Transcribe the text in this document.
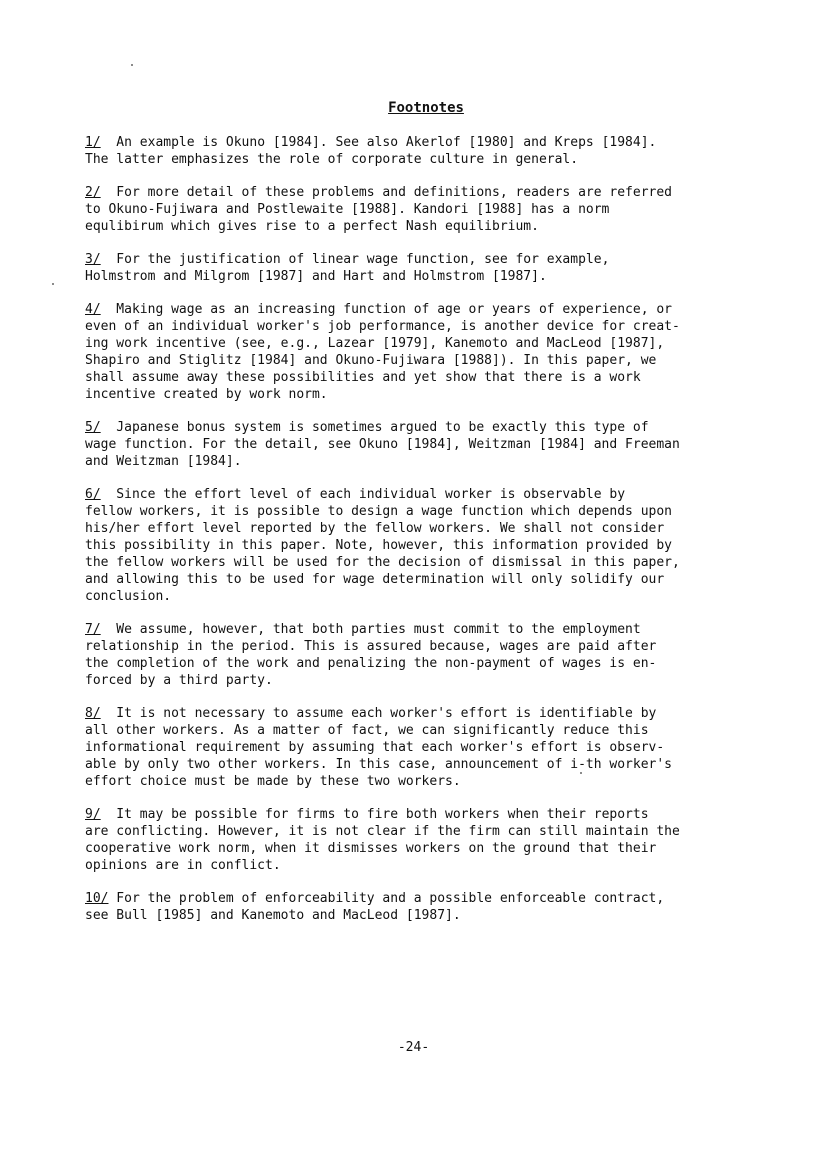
Footnotes
1/  An example is Okuno [1984]. See also Akerlof [1980] and Kreps [1984].
The latter emphasizes the role of corporate culture in general.
2/  For more detail of these problems and definitions, readers are referred
to Okuno-Fujiwara and Postlewaite [1988]. Kandori [1988] has a norm
equlibirum which gives rise to a perfect Nash equilibrium.
3/  For the justification of linear wage function, see for example,
Holmstrom and Milgrom [1987] and Hart and Holmstrom [1987].
4/  Making wage as an increasing function of age or years of experience, or
even of an individual worker's job performance, is another device for creat-
ing work incentive (see, e.g., Lazear [1979], Kanemoto and MacLeod [1987],
Shapiro and Stiglitz [1984] and Okuno-Fujiwara [1988]). In this paper, we
shall assume away these possibilities and yet show that there is a work
incentive created by work norm.
5/  Japanese bonus system is sometimes argued to be exactly this type of
wage function. For the detail, see Okuno [1984], Weitzman [1984] and Freeman
and Weitzman [1984].
6/  Since the effort level of each individual worker is observable by
fellow workers, it is possible to design a wage function which depends upon
his/her effort level reported by the fellow workers. We shall not consider
this possibility in this paper. Note, however, this information provided by
the fellow workers will be used for the decision of dismissal in this paper,
and allowing this to be used for wage determination will only solidify our
conclusion.
7/  We assume, however, that both parties must commit to the employment
relationship in the period. This is assured because, wages are paid after
the completion of the work and penalizing the non-payment of wages is en-
forced by a third party.
8/  It is not necessary to assume each worker's effort is identifiable by
all other workers. As a matter of fact, we can significantly reduce this
informational requirement by assuming that each worker's effort is observ-
able by only two other workers. In this case, announcement of i-th worker's
effort choice must be made by these two workers.
9/  It may be possible for firms to fire both workers when their reports
are conflicting. However, it is not clear if the firm can still maintain the
cooperative work norm, when it dismisses workers on the ground that their
opinions are in conflict.
10/ For the problem of enforceability and a possible enforceable contract,
see Bull [1985] and Kanemoto and MacLeod [1987].
-24-
